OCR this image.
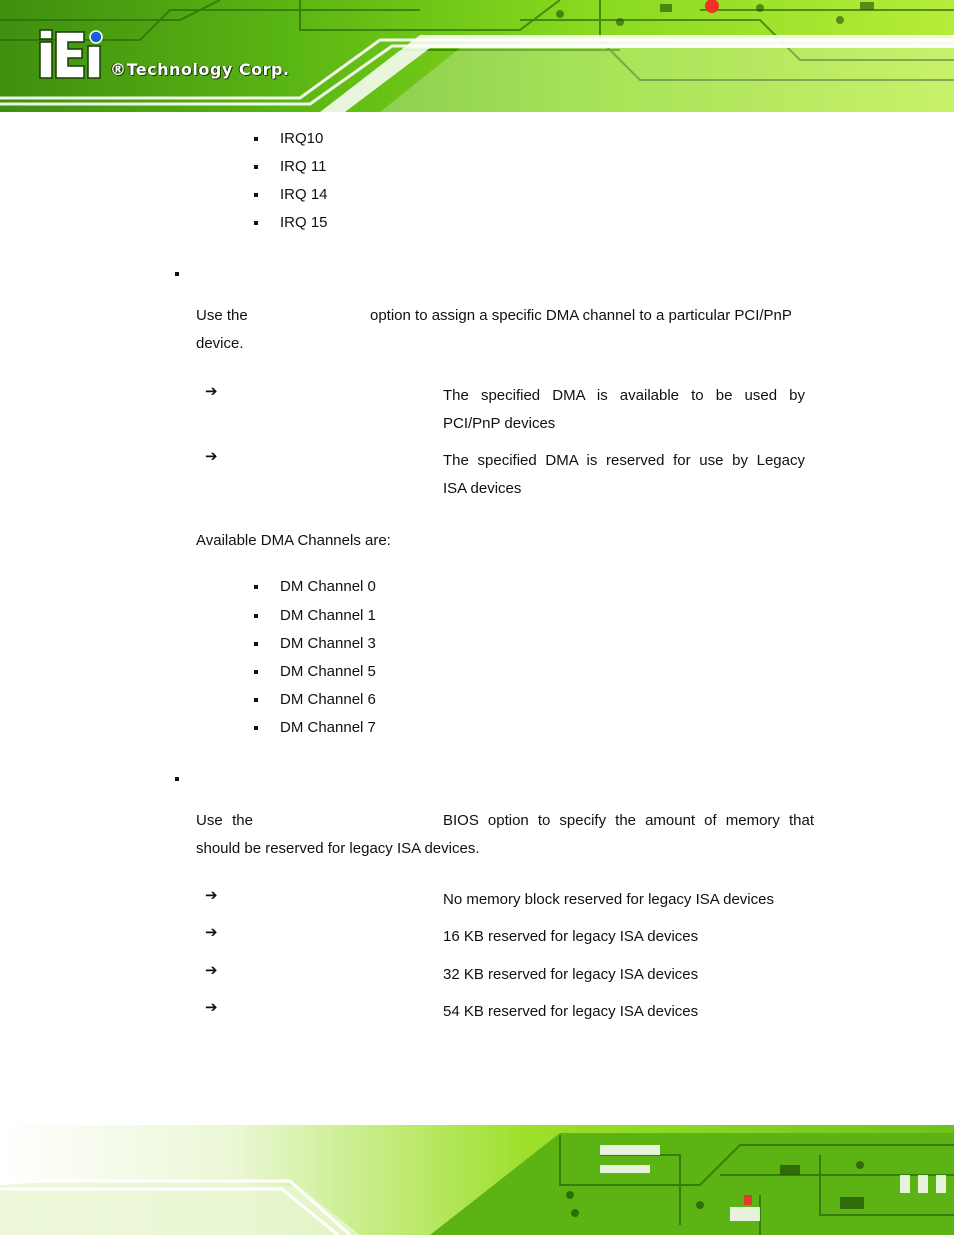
®Technology Corp.
IRQ10
IRQ 11
IRQ 14
IRQ 15
Use the	option to assign a specific DMA channel to a particular PCI/PnP
device.
➔	The specified DMA is available to be used by
PCI/PnP devices
➔	The specified DMA is reserved for use by Legacy
ISA devices
Available DMA Channels are:
DM Channel 0
DM Channel 1
DM Channel 3
DM Channel 5
DM Channel 6
DM Channel 7
Use the	BIOS option to specify the amount of memory that
should be reserved for legacy ISA devices.
➔	No memory block reserved for legacy ISA devices
➔	16 KB reserved for legacy ISA devices
➔	32 KB reserved for legacy ISA devices
➔	54 KB reserved for legacy ISA devices
